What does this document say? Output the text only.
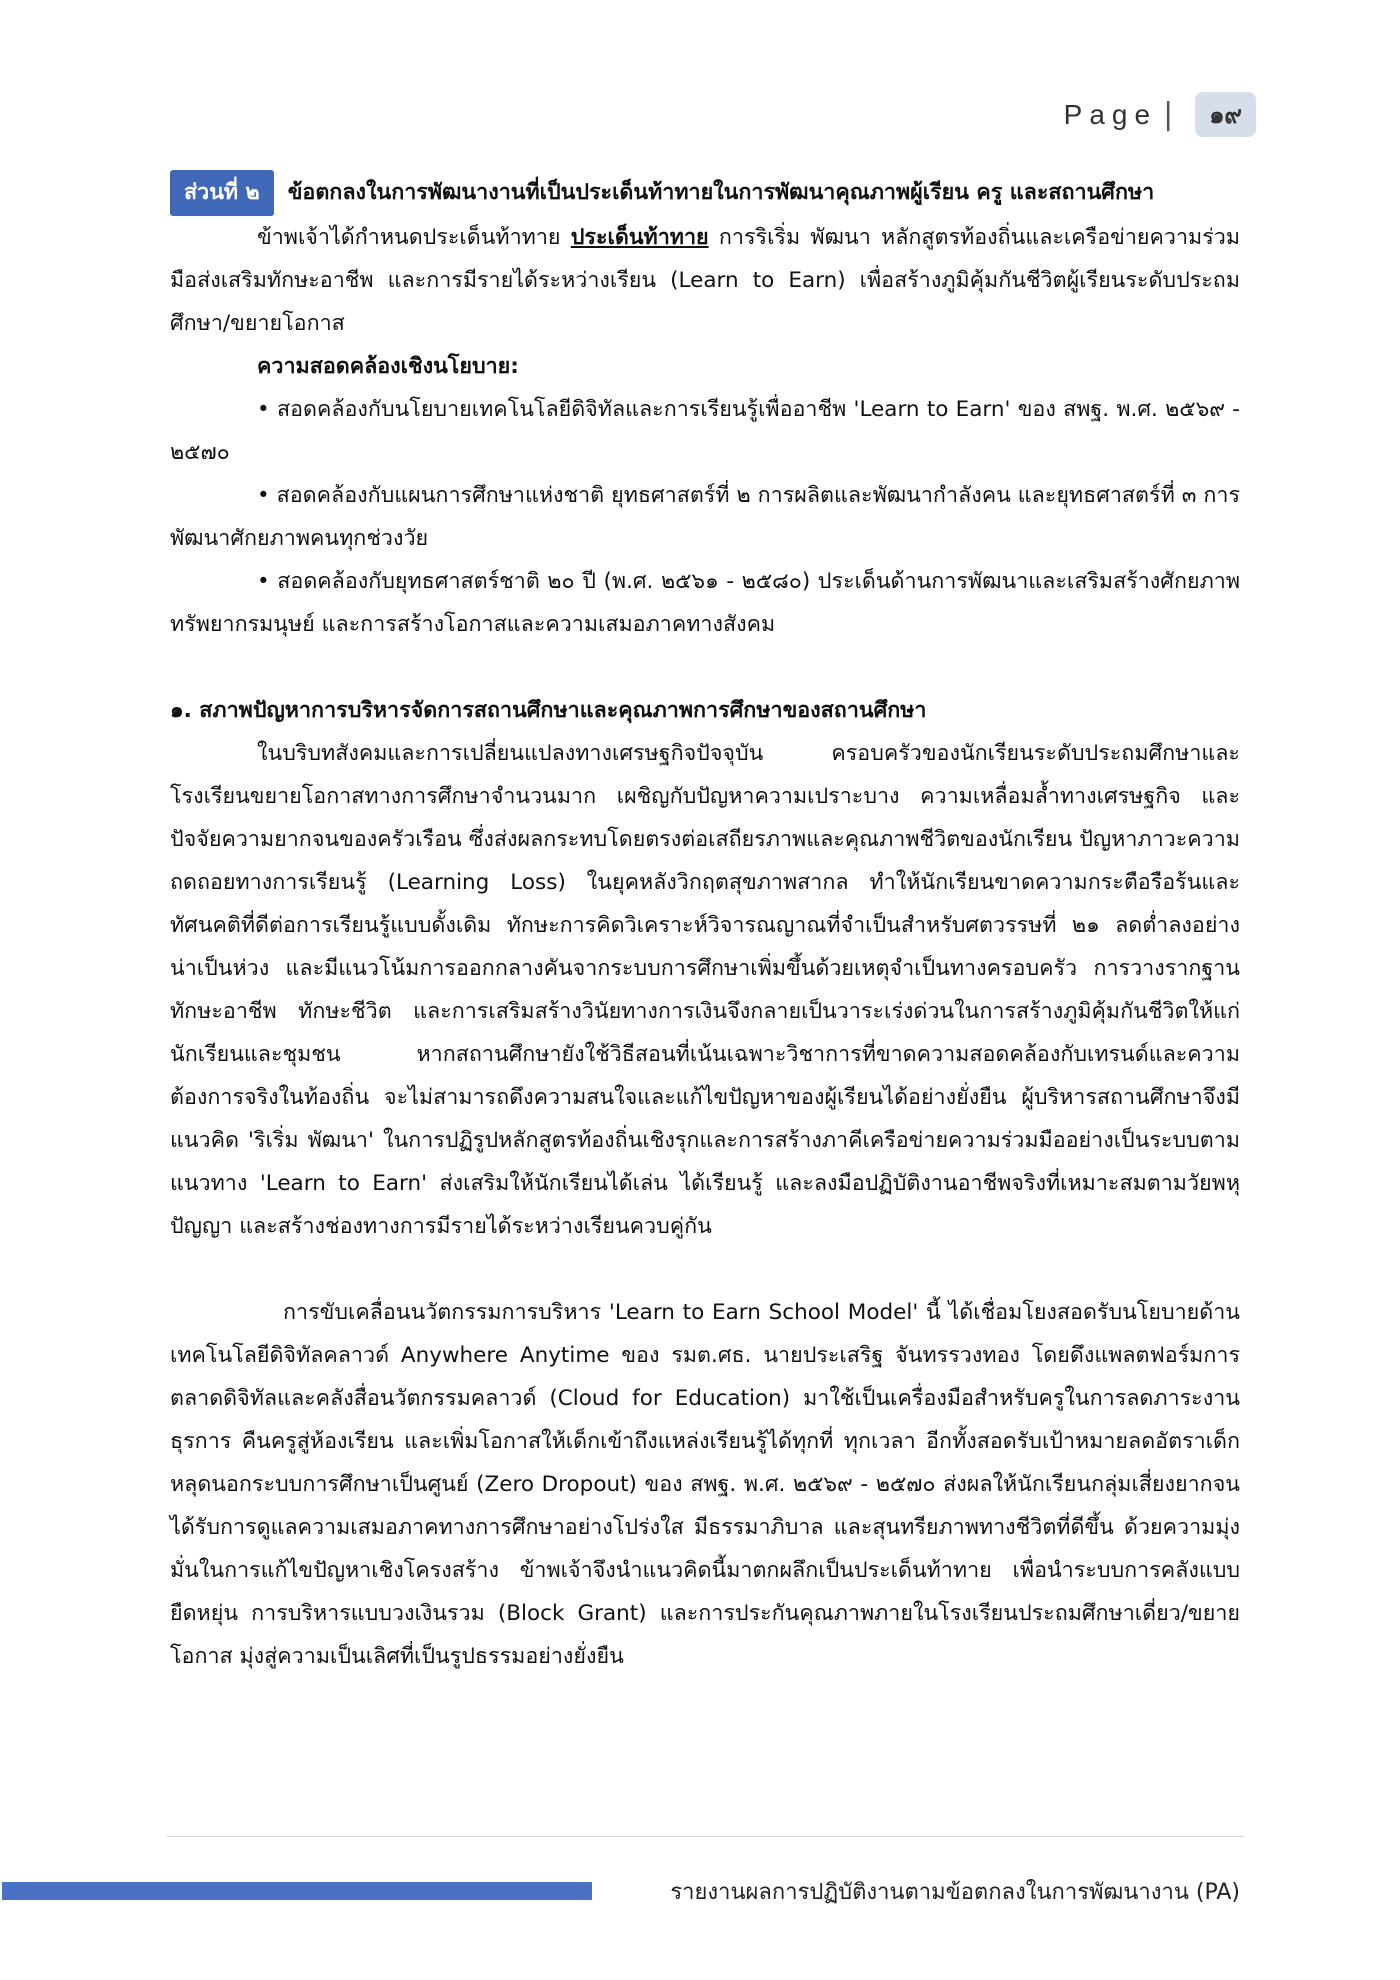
Page |	๑๙

ส่วนที่ ๒ ข้อตกลงในการพัฒนางานที่เป็นประเด็นท้าทายในการพัฒนาคุณภาพผู้เรียน ครู และสถานศึกษา

ข้าพเจ้าได้กำหนดประเด็นท้าทาย ประเด็นท้าทาย การริเริ่ม พัฒนา หลักสูตรท้องถิ่นและเครือข่ายความร่วมมือส่งเสริมทักษะอาชีพ และการมีรายได้ระหว่างเรียน (Learn to Earn) เพื่อสร้างภูมิคุ้มกันชีวิตผู้เรียนระดับประถมศึกษา/ขยายโอกาส

ความสอดคล้องเชิงนโยบาย:

• สอดคล้องกับนโยบายเทคโนโลยีดิจิทัลและการเรียนรู้เพื่ออาชีพ 'Learn to Earn' ของ สพฐ. พ.ศ. ๒๕๖๙ - ๒๕๗๐

• สอดคล้องกับแผนการศึกษาแห่งชาติ ยุทธศาสตร์ที่ ๒ การผลิตและพัฒนากำลังคน และยุทธศาสตร์ที่ ๓ การพัฒนาศักยภาพคนทุกช่วงวัย

• สอดคล้องกับยุทธศาสตร์ชาติ ๒๐ ปี (พ.ศ. ๒๕๖๑ - ๒๕๘๐) ประเด็นด้านการพัฒนาและเสริมสร้างศักยภาพทรัพยากรมนุษย์ และการสร้างโอกาสและความเสมอภาคทางสังคม

๑. สภาพปัญหาการบริหารจัดการสถานศึกษาและคุณภาพการศึกษาของสถานศึกษา

ในบริบทสังคมและการเปลี่ยนแปลงทางเศรษฐกิจปัจจุบัน ครอบครัวของนักเรียนระดับประถมศึกษาและโรงเรียนขยายโอกาสทางการศึกษาจำนวนมาก เผชิญกับปัญหาความเปราะบาง ความเหลื่อมล้ำทางเศรษฐกิจ และปัจจัยความยากจนของครัวเรือน ซึ่งส่งผลกระทบโดยตรงต่อเสถียรภาพและคุณภาพชีวิตของนักเรียน ปัญหาภาวะความถดถอยทางการเรียนรู้ (Learning Loss) ในยุคหลังวิกฤตสุขภาพสากล ทำให้นักเรียนขาดความกระตือรือร้นและทัศนคติที่ดีต่อการเรียนรู้แบบดั้งเดิม ทักษะการคิดวิเคราะห์วิจารณญาณที่จำเป็นสำหรับศตวรรษที่ ๒๑ ลดต่ำลงอย่างน่าเป็นห่วง และมีแนวโน้มการออกกลางคันจากระบบการศึกษาเพิ่มขึ้นด้วยเหตุจำเป็นทางครอบครัว การวางรากฐานทักษะอาชีพ ทักษะชีวิต และการเสริมสร้างวินัยทางการเงินจึงกลายเป็นวาระเร่งด่วนในการสร้างภูมิคุ้มกันชีวิตให้แก่นักเรียนและชุมชน หากสถานศึกษายังใช้วิธีสอนที่เน้นเฉพาะวิชาการที่ขาดความสอดคล้องกับเทรนด์และความต้องการจริงในท้องถิ่น จะไม่สามารถดึงความสนใจและแก้ไขปัญหาของผู้เรียนได้อย่างยั่งยืน ผู้บริหารสถานศึกษาจึงมีแนวคิด 'ริเริ่ม พัฒนา' ในการปฏิรูปหลักสูตรท้องถิ่นเชิงรุกและการสร้างภาคีเครือข่ายความร่วมมืออย่างเป็นระบบตามแนวทาง 'Learn to Earn' ส่งเสริมให้นักเรียนได้เล่น ได้เรียนรู้ และลงมือปฏิบัติงานอาชีพจริงที่เหมาะสมตามวัยพหุปัญญา และสร้างช่องทางการมีรายได้ระหว่างเรียนควบคู่กัน

การขับเคลื่อนนวัตกรรมการบริหาร 'Learn to Earn School Model' นี้ ได้เชื่อมโยงสอดรับนโยบายด้านเทคโนโลยีดิจิทัลคลาวด์ Anywhere Anytime ของ รมต.ศธ. นายประเสริฐ จันทรรวงทอง โดยดึงแพลตฟอร์มการตลาดดิจิทัลและคลังสื่อนวัตกรรมคลาวด์ (Cloud for Education) มาใช้เป็นเครื่องมือสำหรับครูในการลดภาระงานธุรการ คืนครูสู่ห้องเรียน และเพิ่มโอกาสให้เด็กเข้าถึงแหล่งเรียนรู้ได้ทุกที่ ทุกเวลา อีกทั้งสอดรับเป้าหมายลดอัตราเด็กหลุดนอกระบบการศึกษาเป็นศูนย์ (Zero Dropout) ของ สพฐ. พ.ศ. ๒๕๖๙ - ๒๕๗๐ ส่งผลให้นักเรียนกลุ่มเสี่ยงยากจนได้รับการดูแลความเสมอภาคทางการศึกษาอย่างโปร่งใส มีธรรมาภิบาล และสุนทรียภาพทางชีวิตที่ดีขึ้น ด้วยความมุ่งมั่นในการแก้ไขปัญหาเชิงโครงสร้าง ข้าพเจ้าจึงนำแนวคิดนี้มาตกผลึกเป็นประเด็นท้าทาย เพื่อนำระบบการคลังแบบยืดหยุ่น การบริหารแบบวงเงินรวม (Block Grant) และการประกันคุณภาพภายในโรงเรียนประถมศึกษาเดี่ยว/ขยายโอกาส มุ่งสู่ความเป็นเลิศที่เป็นรูปธรรมอย่างยั่งยืน

รายงานผลการปฏิบัติงานตามข้อตกลงในการพัฒนางาน (PA)
